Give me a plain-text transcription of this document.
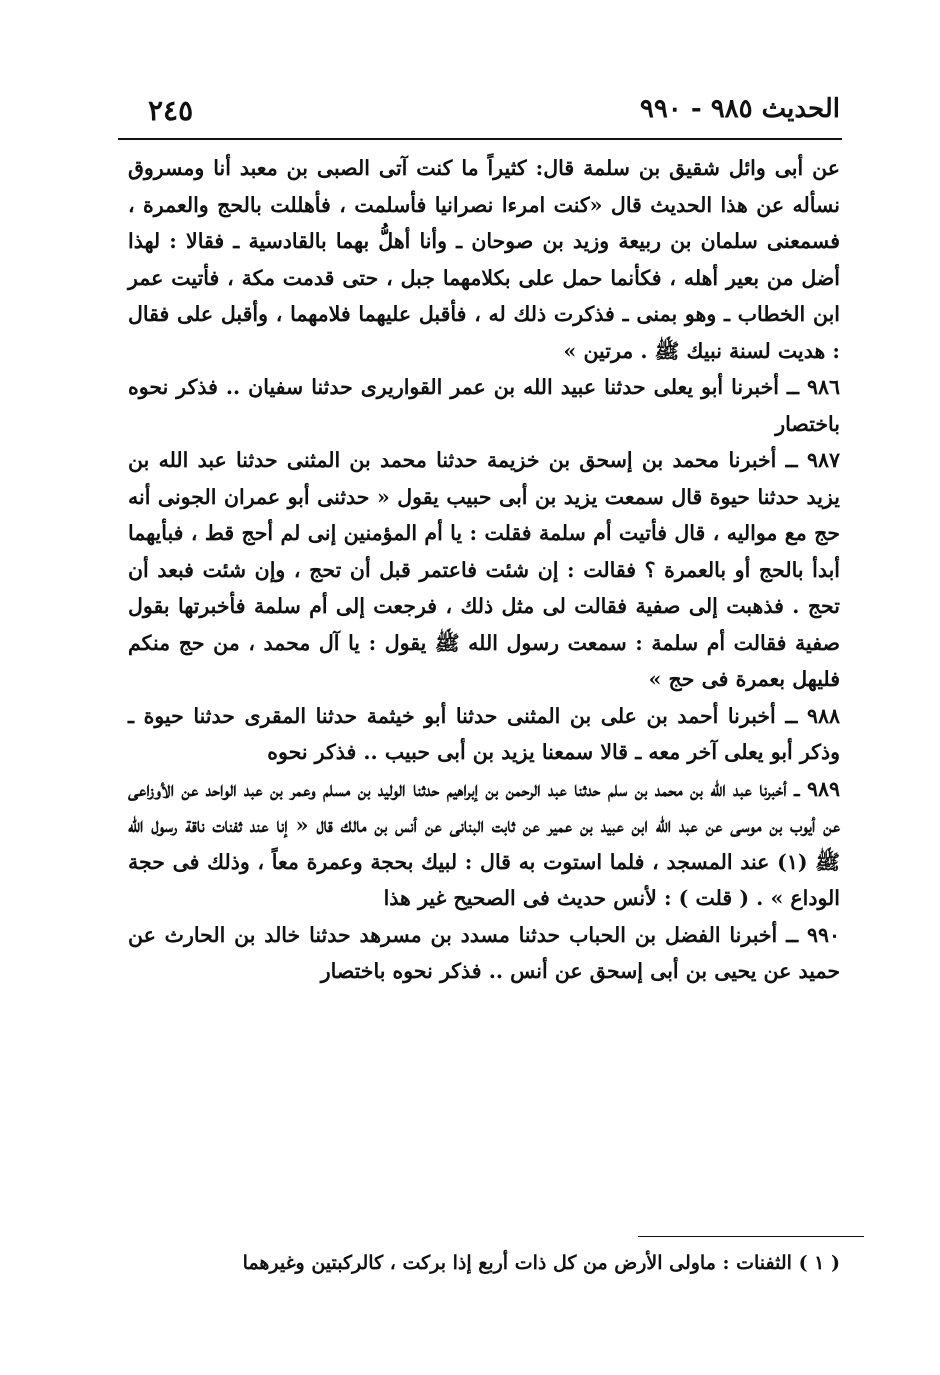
الحديث ٩٨٥ - ٩٩٠
٢٤٥

عن أبى وائل شقيق بن سلمة قال: كثيراً ما كنت آتى الصبى بن معبد أنا ومسروق نسأله عن هذا الحديث قال «كنت امرءا نصرانيا فأسلمت ، فأهللت بالحج والعمرة ، فسمعنى سلمان بن ربيعة وزيد بن صوحان ـ وأنا أهلُّ بهما بالقادسية ـ فقالا : لهذا أضل من بعير أهله ، فكأنما حمل على بكلامهما جبل ، حتى قدمت مكة ، فأتيت عمر ابن الخطاب ـ وهو بمنى ـ فذكرت ذلك له ، فأقبل عليهما فلامهما ، وأقبل على فقال : هديت لسنة نبيك ﷺ . مرتين »

٩٨٦ ــ أخبرنا أبو يعلى حدثنا عبيد الله بن عمر القواريرى حدثنا سفيان .. فذكر نحوه باختصار

٩٨٧ ــ أخبرنا محمد بن إسحق بن خزيمة حدثنا محمد بن المثنى حدثنا عبد الله بن يزيد حدثنا حيوة قال سمعت يزيد بن أبى حبيب يقول « حدثنى أبو عمران الجونى أنه حج مع مواليه ، قال فأتيت أم سلمة فقلت : يا أم المؤمنين إنى لم أحج قط ، فبأيهما أبدأ بالحج أو بالعمرة ؟ فقالت : إن شئت فاعتمر قبل أن تحج ، وإن شئت فبعد أن تحج . فذهبت إلى صفية فقالت لى مثل ذلك ، فرجعت إلى أم سلمة فأخبرتها بقول صفية فقالت أم سلمة : سمعت رسول الله ﷺ يقول : يا آل محمد ، من حج منكم فليهل بعمرة فى حج »

٩٨٨ ــ أخبرنا أحمد بن على بن المثنى حدثنا أبو خيثمة حدثنا المقرى حدثنا حيوة ـ وذكر أبو يعلى آخر معه ـ قالا سمعنا يزيد بن أبى حبيب .. فذكر نحوه

٩٨٩ ــ أخبرنا عبد الله بن محمد بن سلم حدثنا عبد الرحمن بن إبراهيم حدثنا الوليد بن مسلم وعمر بن عبد الواحد عن الأوزاعى عن أيوب بن موسى عن عبد الله ابن عبيد بن عمير عن ثابت البنانى عن أنس بن مالك قال « إنا عند ثفنات ناقة رسول الله ﷺ (١) عند المسجد ، فلما استوت به قال : لبيك بحجة وعمرة معاً ، وذلك فى حجة الوداع » . ( قلت ) : لأنس حديث فى الصحيح غير هذا

٩٩٠ ــ أخبرنا الفضل بن الحباب حدثنا مسدد بن مسرهد حدثنا خالد بن الحارث عن حميد عن يحيى بن أبى إسحق عن أنس .. فذكر نحوه باختصار

( ١ ) الثفنات : ماولى الأرض من كل ذات أربع إذا بركت ، كالركبتين وغيرهما
